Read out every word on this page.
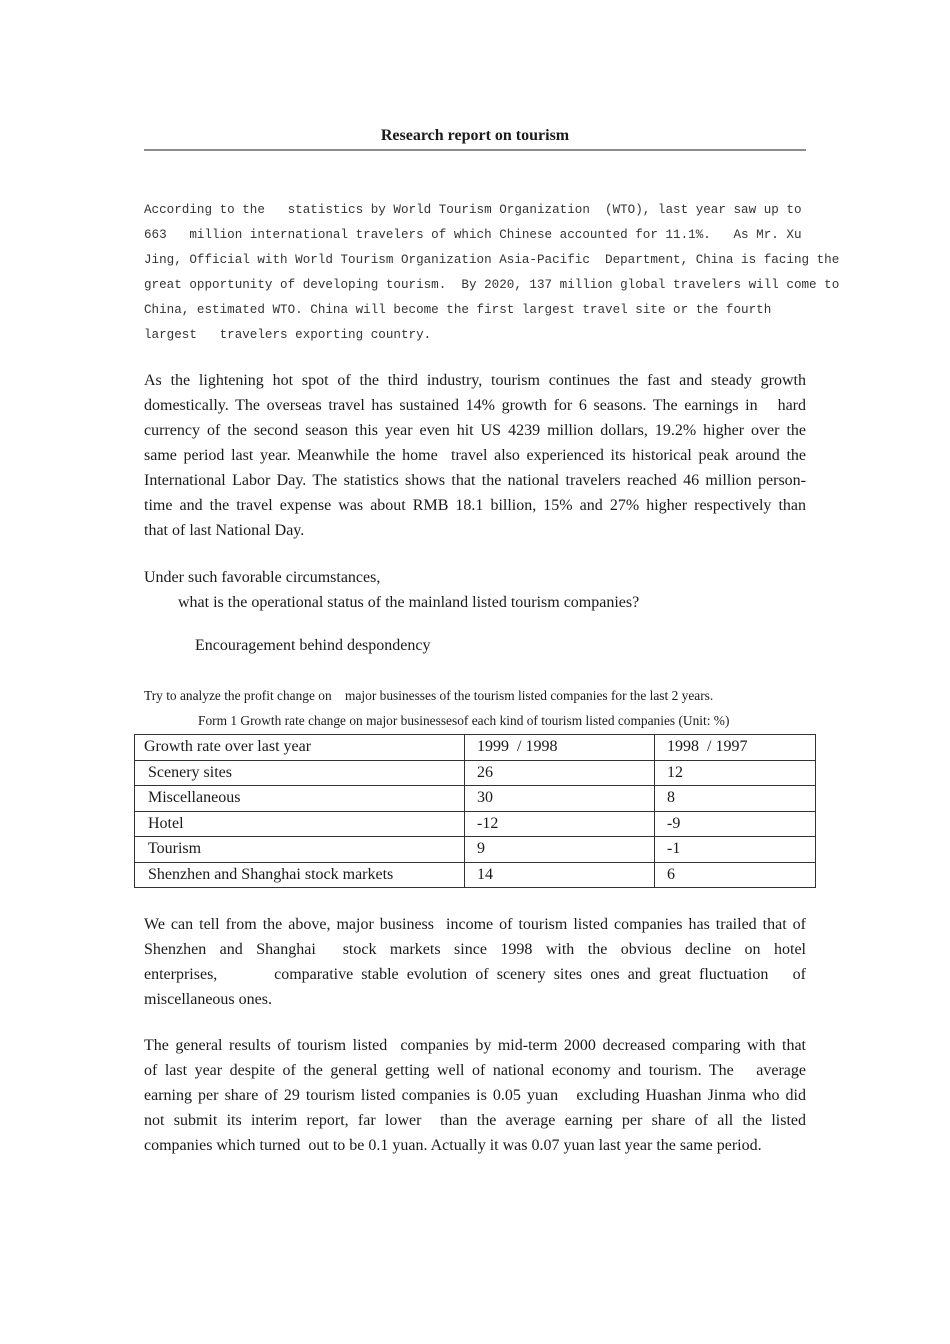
Research report on tourism
According to the   statistics by World Tourism Organization  (WTO), last year saw up to
663   million international travelers of which Chinese accounted for 11.1%.   As Mr. Xu
Jing, Official with World Tourism Organization Asia-Pacific  Department, China is facing the
great opportunity of developing tourism.  By 2020, 137 million global travelers will come to
China, estimated WTO. China will become the first largest travel site or the fourth
largest   travelers exporting country.
As the lightening hot spot of the third industry, tourism continues the fast and steady growth
domestically. The overseas travel has sustained 14% growth for 6 seasons. The earnings in   hard
currency of the second season this year even hit US 4239 million dollars, 19.2% higher over the
same period last year. Meanwhile the home  travel also experienced its historical peak around the
International Labor Day. The statistics shows that the national travelers reached 46 million person-
time and the travel expense was about RMB 18.1 billion, 15% and 27% higher respectively than
that of last National Day.
Under such favorable circumstances,
what is the operational status of the mainland listed tourism companies?
Encouragement behind despondency
Try to analyze the profit change on    major businesses of the tourism listed companies for the last 2 years.
Form 1 Growth rate change on major businessesof each kind of tourism listed companies (Unit: %)
Growth rate over last year	1999  / 1998	1998  / 1997
Scenery sites	26	12
Miscellaneous	30	8
Hotel	-12	-9
Tourism	9	-1
Shenzhen and Shanghai stock markets	14	6
We can tell from the above, major business  income of tourism listed companies has trailed that of
Shenzhen and Shanghai  stock markets since 1998 with the obvious decline on hotel
enterprises,       comparative stable evolution of scenery sites ones and great fluctuation   of
miscellaneous ones.
The general results of tourism listed  companies by mid-term 2000 decreased comparing with that
of last year despite of the general getting well of national economy and tourism. The   average
earning per share of 29 tourism listed companies is 0.05 yuan   excluding Huashan Jinma who did
not submit its interim report, far lower  than the average earning per share of all the listed
companies which turned  out to be 0.1 yuan. Actually it was 0.07 yuan last year the same period.
